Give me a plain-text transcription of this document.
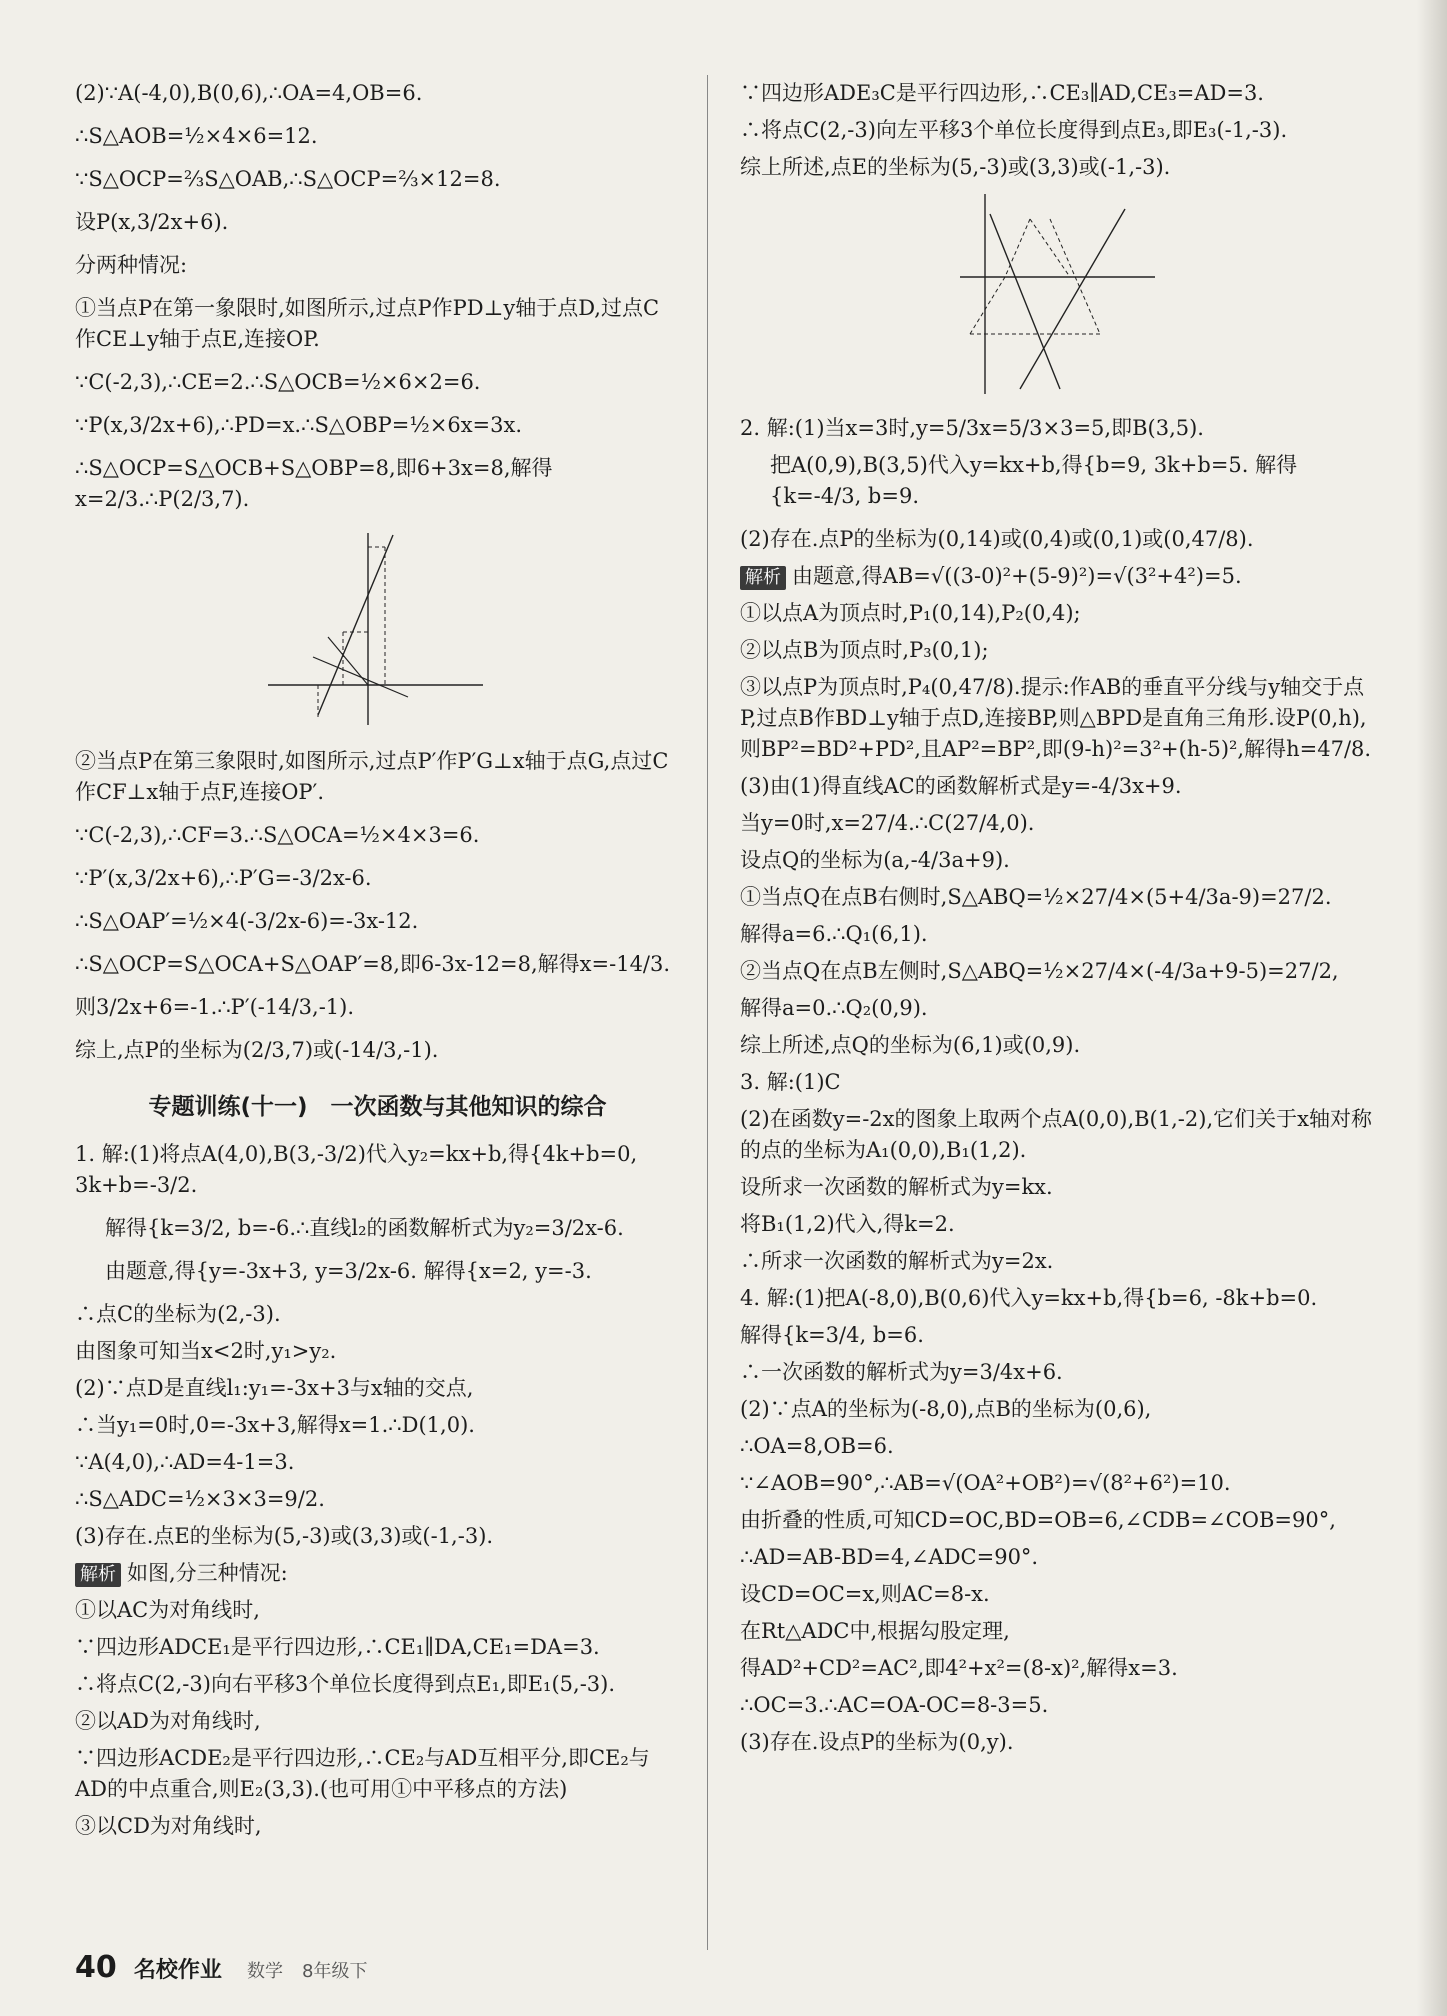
(2)∵A(-4,0),B(0,6),∴OA=4,OB=6.

∴S△AOB=½×4×6=12.

∵S△OCP=⅔S△OAB,∴S△OCP=⅔×12=8.

设P(x,3/2x+6).

分两种情况:

①当点P在第一象限时,如图所示,过点P作PD⊥y轴于点D,过点C作CE⊥y轴于点E,连接OP.

∵C(-2,3),∴CE=2.∴S△OCB=½×6×2=6.

∵P(x,3/2x+6),∴PD=x.∴S△OBP=½×6x=3x.

∴S△OCP=S△OCB+S△OBP=8,即6+3x=8,解得x=2/3.∴P(2/3,7).

②当点P在第三象限时,如图所示,过点P′作P′G⊥x轴于点G,点过C作CF⊥x轴于点F,连接OP′.

∵C(-2,3),∴CF=3.∴S△OCA=½×4×3=6.

∵P′(x,3/2x+6),∴P′G=-3/2x-6.

∴S△OAP′=½×4(-3/2x-6)=-3x-12.

∴S△OCP=S△OCA+S△OAP′=8,即6-3x-12=8,解得x=-14/3.

则3/2x+6=-1.∴P′(-14/3,-1).

综上,点P的坐标为(2/3,7)或(-14/3,-1).

专题训练(十一)　一次函数与其他知识的综合

1. 解:(1)将点A(4,0),B(3,-3/2)代入y₂=kx+b,得{4k+b=0, 3k+b=-3/2.

解得{k=3/2, b=-6.∴直线l₂的函数解析式为y₂=3/2x-6.

由题意,得{y=-3x+3, y=3/2x-6. 解得{x=2, y=-3.

∴点C的坐标为(2,-3).

由图象可知当x<2时,y₁>y₂.

(2)∵点D是直线l₁:y₁=-3x+3与x轴的交点,

∴当y₁=0时,0=-3x+3,解得x=1.∴D(1,0).

∵A(4,0),∴AD=4-1=3.

∴S△ADC=½×3×3=9/2.

(3)存在.点E的坐标为(5,-3)或(3,3)或(-1,-3).

解析 如图,分三种情况:

①以AC为对角线时,

∵四边形ADCE₁是平行四边形,∴CE₁∥DA,CE₁=DA=3.

∴将点C(2,-3)向右平移3个单位长度得到点E₁,即E₁(5,-3).

②以AD为对角线时,

∵四边形ACDE₂是平行四边形,∴CE₂与AD互相平分,即CE₂与AD的中点重合,则E₂(3,3).(也可用①中平移点的方法)

③以CD为对角线时,

∵四边形ADE₃C是平行四边形,∴CE₃∥AD,CE₃=AD=3.

∴将点C(2,-3)向左平移3个单位长度得到点E₃,即E₃(-1,-3).

综上所述,点E的坐标为(5,-3)或(3,3)或(-1,-3).

2. 解:(1)当x=3时,y=5/3x=5/3×3=5,即B(3,5).

把A(0,9),B(3,5)代入y=kx+b,得{b=9, 3k+b=5. 解得{k=-4/3, b=9.

(2)存在.点P的坐标为(0,14)或(0,4)或(0,1)或(0,47/8).

解析 由题意,得AB=√((3-0)²+(5-9)²)=√(3²+4²)=5.

①以点A为顶点时,P₁(0,14),P₂(0,4);

②以点B为顶点时,P₃(0,1);

③以点P为顶点时,P₄(0,47/8).提示:作AB的垂直平分线与y轴交于点P,过点B作BD⊥y轴于点D,连接BP,则△BPD是直角三角形.设P(0,h),则BP²=BD²+PD²,且AP²=BP²,即(9-h)²=3²+(h-5)²,解得h=47/8.

(3)由(1)得直线AC的函数解析式是y=-4/3x+9.

当y=0时,x=27/4.∴C(27/4,0).

设点Q的坐标为(a,-4/3a+9).

①当点Q在点B右侧时,S△ABQ=½×27/4×(5+4/3a-9)=27/2.

解得a=6.∴Q₁(6,1).

②当点Q在点B左侧时,S△ABQ=½×27/4×(-4/3a+9-5)=27/2,

解得a=0.∴Q₂(0,9).

综上所述,点Q的坐标为(6,1)或(0,9).

3. 解:(1)C

(2)在函数y=-2x的图象上取两个点A(0,0),B(1,-2),它们关于x轴对称的点的坐标为A₁(0,0),B₁(1,2).

设所求一次函数的解析式为y=kx.

将B₁(1,2)代入,得k=2.

∴所求一次函数的解析式为y=2x.

4. 解:(1)把A(-8,0),B(0,6)代入y=kx+b,得{b=6, -8k+b=0.

解得{k=3/4, b=6.

∴一次函数的解析式为y=3/4x+6.

(2)∵点A的坐标为(-8,0),点B的坐标为(0,6),

∴OA=8,OB=6.

∵∠AOB=90°,∴AB=√(OA²+OB²)=√(8²+6²)=10.

由折叠的性质,可知CD=OC,BD=OB=6,∠CDB=∠COB=90°,

∴AD=AB-BD=4,∠ADC=90°.

设CD=OC=x,则AC=8-x.

在Rt△ADC中,根据勾股定理,

得AD²+CD²=AC²,即4²+x²=(8-x)²,解得x=3.

∴OC=3.∴AC=OA-OC=8-3=5.

(3)存在.设点P的坐标为(0,y).

40 名校作业 数学 8年级下
